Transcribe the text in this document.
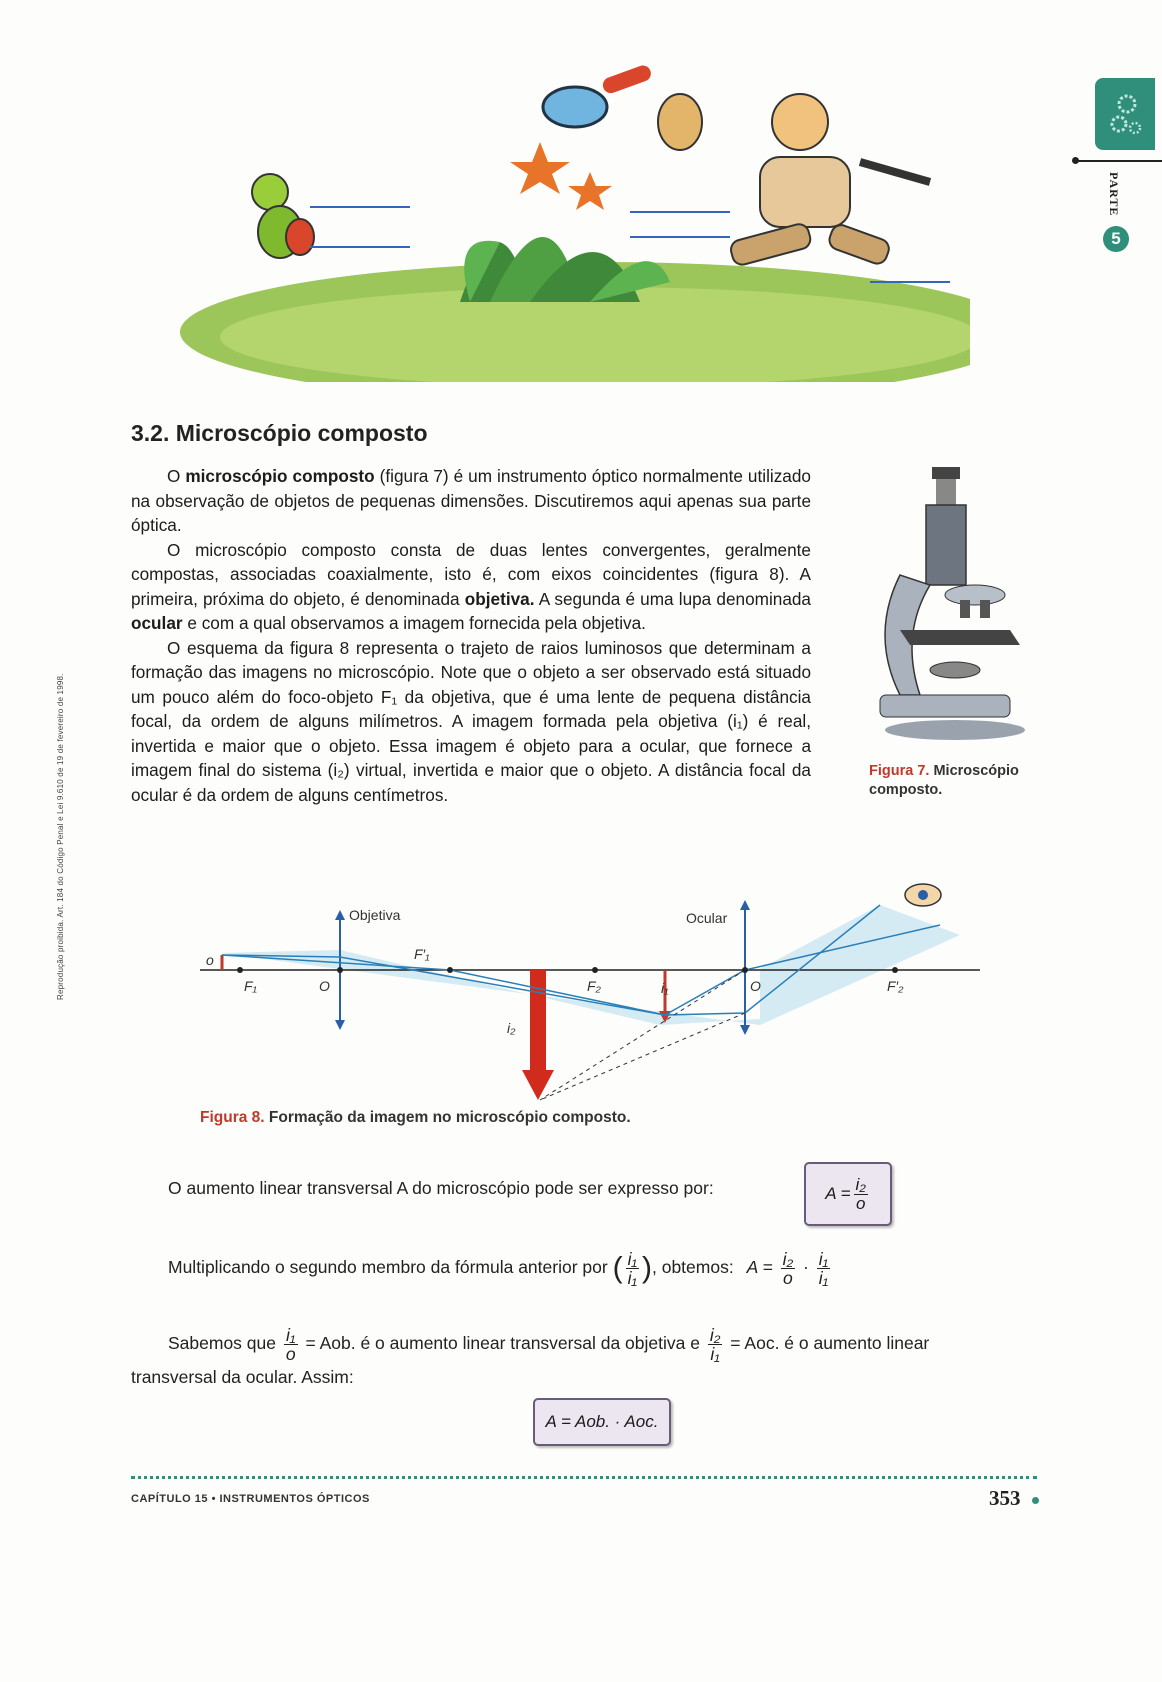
Reprodução proibida. Art. 184 do Código Penal e Lei 9.610 de 19 de fevereiro de 1998.
PARTE
5
3.2. Microscópio composto

O microscópio composto (figura 7) é um instrumento óptico normalmente utilizado na observação de objetos de pequenas dimensões. Discutiremos aqui apenas sua parte óptica.

O microscópio composto consta de duas lentes convergentes, geralmente compostas, associadas coaxialmente, isto é, com eixos coincidentes (figura 8). A primeira, próxima do objeto, é denominada objetiva. A segunda é uma lupa denominada ocular e com a qual observamos a imagem fornecida pela objetiva.

O esquema da figura 8 representa o trajeto de raios luminosos que determinam a formação das imagens no microscópio. Note que o objeto a ser observado está situado um pouco além do foco-objeto F₁ da objetiva, que é uma lente de pequena distância focal, da ordem de alguns milímetros. A imagem formada pela objetiva (i₁) é real, invertida e maior que o objeto. Essa imagem é objeto para a ocular, que fornece a imagem final do sistema (i₂) virtual, invertida e maior que o objeto. A distância focal da ocular é da ordem de alguns centímetros.

Figura 7. Microscópio composto.
Objetiva	Ocular
o
F₁	O
F′₁
F₂	i₁
i₂
O	F′₂
Figura 8. Formação da imagem no microscópio composto.
O aumento linear transversal A do microscópio pode ser expresso por:	$A = \frac{\text{i₂}}{o}$
Multiplicando o segundo membro da fórmula anterior por ( $\frac{\text{i₁}}{\text{i₁}}$ ), obtemos: $A = \frac{\text{i₂}}{o} \cdot \frac{\text{i₁}}{\text{i₁}}$
Sabemos que $\frac{\text{i₁}}{o}$ = Aob. é o aumento linear transversal da objetiva e $\frac{\text{i₂}}{\text{i₁}}$ = Aoc. é o aumento linear
transversal da ocular. Assim:
A = Aob. · Aoc.
CAPÍTULO 15 • INSTRUMENTOS ÓPTICOS	353
